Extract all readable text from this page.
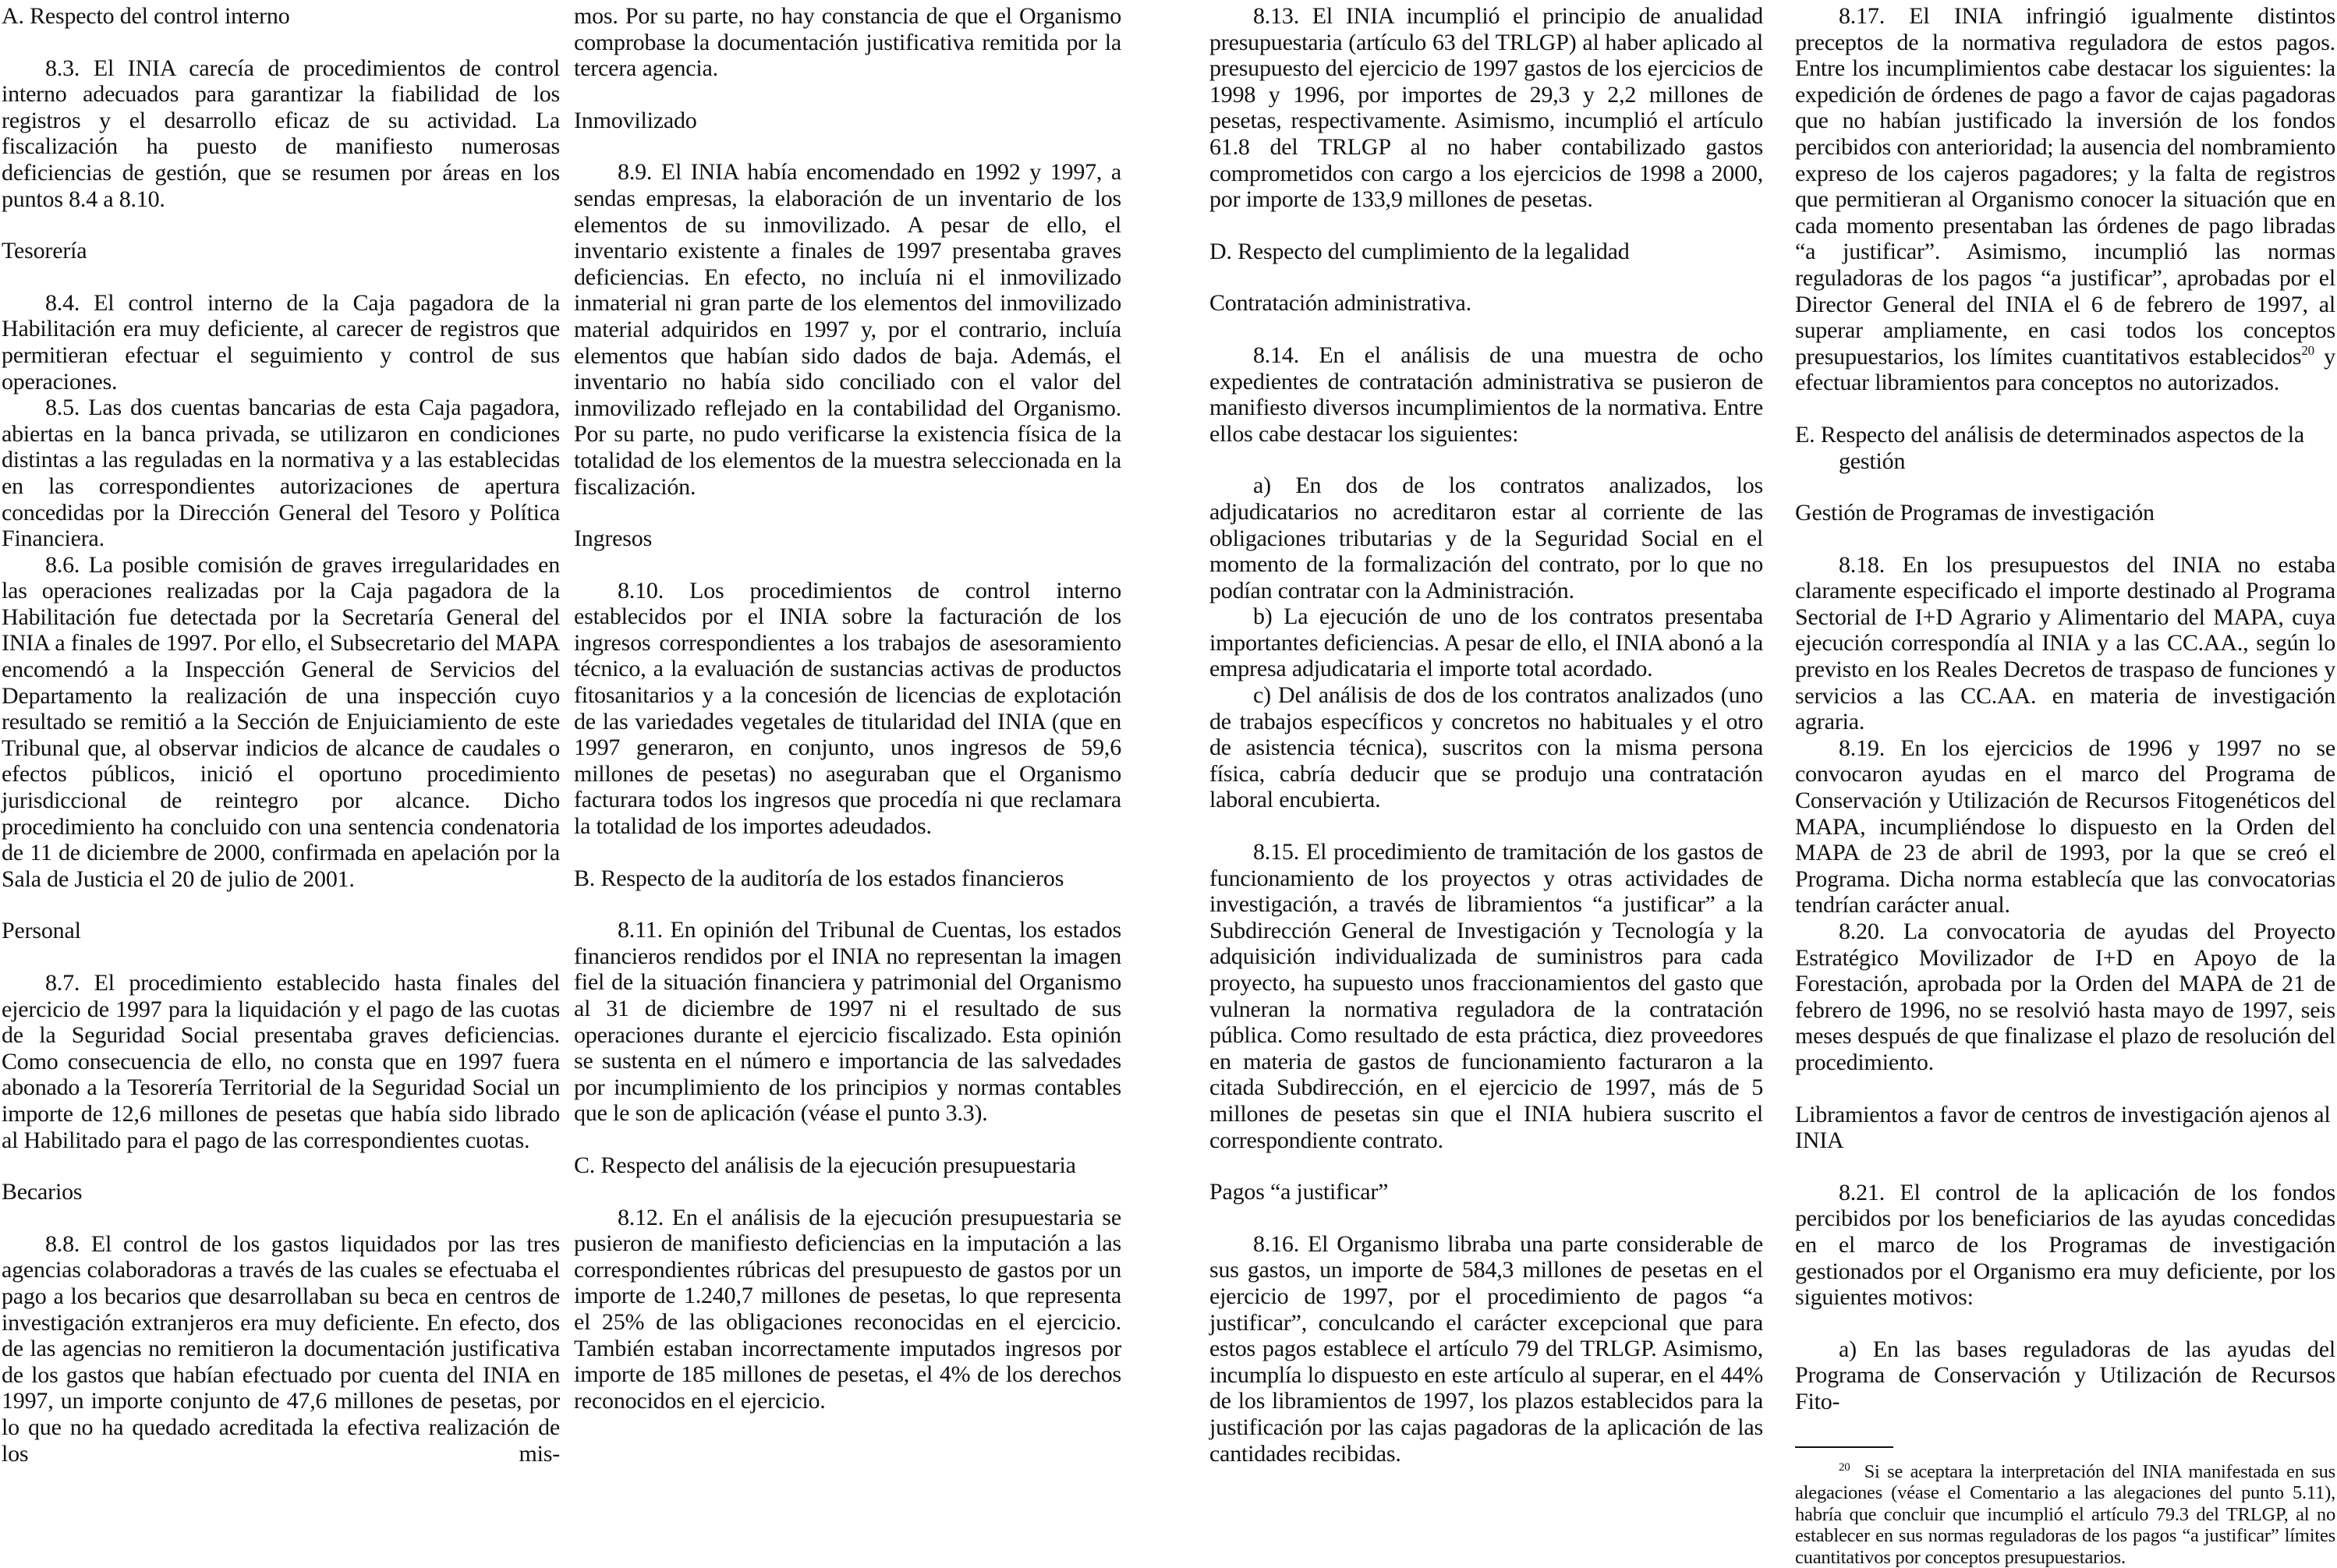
A. Respecto del control interno

8.3. El INIA carecía de procedimientos de control interno adecuados para garantizar la fiabilidad de los registros y el desarrollo eficaz de su actividad. La fiscalización ha puesto de manifiesto numerosas deficiencias de gestión, que se resumen por áreas en los puntos 8.4 a 8.10.

Tesorería

8.4. El control interno de la Caja pagadora de la Habilitación era muy deficiente, al carecer de registros que permitieran efectuar el seguimiento y control de sus operaciones.

8.5. Las dos cuentas bancarias de esta Caja pagadora, abiertas en la banca privada, se utilizaron en condiciones distintas a las reguladas en la normativa y a las establecidas en las correspondientes autorizaciones de apertura concedidas por la Dirección General del Tesoro y Política Financiera.

8.6. La posible comisión de graves irregularidades en las operaciones realizadas por la Caja pagadora de la Habilitación fue detectada por la Secretaría General del INIA a finales de 1997. Por ello, el Subsecretario del MAPA encomendó a la Inspección General de Servicios del Departamento la realización de una inspección cuyo resultado se remitió a la Sección de Enjuiciamiento de este Tribunal que, al observar indicios de alcance de caudales o efectos públicos, inició el oportuno procedimiento jurisdiccional de reintegro por alcance. Dicho procedimiento ha concluido con una sentencia condenatoria de 11 de diciembre de 2000, confirmada en apelación por la Sala de Justicia el 20 de julio de 2001.

Personal

8.7. El procedimiento establecido hasta finales del ejercicio de 1997 para la liquidación y el pago de las cuotas de la Seguridad Social presentaba graves deficiencias. Como consecuencia de ello, no consta que en 1997 fuera abonado a la Tesorería Territorial de la Seguridad Social un importe de 12,6 millones de pesetas que había sido librado al Habilitado para el pago de las correspondientes cuotas.

Becarios

8.8. El control de los gastos liquidados por las tres agencias colaboradoras a través de las cuales se efectuaba el pago a los becarios que desarrollaban su beca en centros de investigación extranjeros era muy deficiente. En efecto, dos de las agencias no remitieron la documentación justificativa de los gastos que habían efectuado por cuenta del INIA en 1997, un importe conjunto de 47,6 millones de pesetas, por lo que no ha quedado acreditada la efectiva realización de los mis-

mos. Por su parte, no hay constancia de que el Organismo comprobase la documentación justificativa remitida por la tercera agencia.

Inmovilizado

8.9. El INIA había encomendado en 1992 y 1997, a sendas empresas, la elaboración de un inventario de los elementos de su inmovilizado. A pesar de ello, el inventario existente a finales de 1997 presentaba graves deficiencias. En efecto, no incluía ni el inmovilizado inmaterial ni gran parte de los elementos del inmovilizado material adquiridos en 1997 y, por el contrario, incluía elementos que habían sido dados de baja. Además, el inventario no había sido conciliado con el valor del inmovilizado reflejado en la contabilidad del Organismo. Por su parte, no pudo verificarse la existencia física de la totalidad de los elementos de la muestra seleccionada en la fiscalización.

Ingresos

8.10. Los procedimientos de control interno establecidos por el INIA sobre la facturación de los ingresos correspondientes a los trabajos de asesoramiento técnico, a la evaluación de sustancias activas de productos fitosanitarios y a la concesión de licencias de explotación de las variedades vegetales de titularidad del INIA (que en 1997 generaron, en conjunto, unos ingresos de 59,6 millones de pesetas) no aseguraban que el Organismo facturara todos los ingresos que procedía ni que reclamara la totalidad de los importes adeudados.

B. Respecto de la auditoría de los estados financieros

8.11. En opinión del Tribunal de Cuentas, los estados financieros rendidos por el INIA no representan la imagen fiel de la situación financiera y patrimonial del Organismo al 31 de diciembre de 1997 ni el resultado de sus operaciones durante el ejercicio fiscalizado. Esta opinión se sustenta en el número e importancia de las salvedades por incumplimiento de los principios y normas contables que le son de aplicación (véase el punto 3.3).

C. Respecto del análisis de la ejecución presupuestaria

8.12. En el análisis de la ejecución presupuestaria se pusieron de manifiesto deficiencias en la imputación a las correspondientes rúbricas del presupuesto de gastos por un importe de 1.240,7 millones de pesetas, lo que representa el 25% de las obligaciones reconocidas en el ejercicio. También estaban incorrectamente imputados ingresos por importe de 185 millones de pesetas, el 4% de los derechos reconocidos en el ejercicio.

8.13. El INIA incumplió el principio de anualidad presupuestaria (artículo 63 del TRLGP) al haber aplicado al presupuesto del ejercicio de 1997 gastos de los ejercicios de 1998 y 1996, por importes de 29,3 y 2,2 millones de pesetas, respectivamente. Asimismo, incumplió el artículo 61.8 del TRLGP al no haber contabilizado gastos comprometidos con cargo a los ejercicios de 1998 a 2000, por importe de 133,9 millones de pesetas.

D. Respecto del cumplimiento de la legalidad

Contratación administrativa.

8.14. En el análisis de una muestra de ocho expedientes de contratación administrativa se pusieron de manifiesto diversos incumplimientos de la normativa. Entre ellos cabe destacar los siguientes:

a) En dos de los contratos analizados, los adjudicatarios no acreditaron estar al corriente de las obligaciones tributarias y de la Seguridad Social en el momento de la formalización del contrato, por lo que no podían contratar con la Administración.

b) La ejecución de uno de los contratos presentaba importantes deficiencias. A pesar de ello, el INIA abonó a la empresa adjudicataria el importe total acordado.

c) Del análisis de dos de los contratos analizados (uno de trabajos específicos y concretos no habituales y el otro de asistencia técnica), suscritos con la misma persona física, cabría deducir que se produjo una contratación laboral encubierta.

8.15. El procedimiento de tramitación de los gastos de funcionamiento de los proyectos y otras actividades de investigación, a través de libramientos “a justificar” a la Subdirección General de Investigación y Tecnología y la adquisición individualizada de suministros para cada proyecto, ha supuesto unos fraccionamientos del gasto que vulneran la normativa reguladora de la contratación pública. Como resultado de esta práctica, diez proveedores en materia de gastos de funcionamiento facturaron a la citada Subdirección, en el ejercicio de 1997, más de 5 millones de pesetas sin que el INIA hubiera suscrito el correspondiente contrato.

Pagos “a justificar”

8.16. El Organismo libraba una parte considerable de sus gastos, un importe de 584,3 millones de pesetas en el ejercicio de 1997, por el procedimiento de pagos “a justificar”, conculcando el carácter excepcional que para estos pagos establece el artículo 79 del TRLGP. Asimismo, incumplía lo dispuesto en este artículo al superar, en el 44% de los libramientos de 1997, los plazos establecidos para la justificación por las cajas pagadoras de la aplicación de las cantidades recibidas.

8.17. El INIA infringió igualmente distintos preceptos de la normativa reguladora de estos pagos. Entre los incumplimientos cabe destacar los siguientes: la expedición de órdenes de pago a favor de cajas pagadoras que no habían justificado la inversión de los fondos percibidos con anterioridad; la ausencia del nombramiento expreso de los cajeros pagadores; y la falta de registros que permitieran al Organismo conocer la situación que en cada momento presentaban las órdenes de pago libradas “a justificar”. Asimismo, incumplió las normas reguladoras de los pagos “a justificar”, aprobadas por el Director General del INIA el 6 de febrero de 1997, al superar ampliamente, en casi todos los conceptos presupuestarios, los límites cuantitativos establecidos$^{20}$ y efectuar libramientos para conceptos no autorizados.

E. Respecto del análisis de determinados aspectos de la gestión

Gestión de Programas de investigación

8.18. En los presupuestos del INIA no estaba claramente especificado el importe destinado al Programa Sectorial de I+D Agrario y Alimentario del MAPA, cuya ejecución correspondía al INIA y a las CC.AA., según lo previsto en los Reales Decretos de traspaso de funciones y servicios a las CC.AA. en materia de investigación agraria.

8.19. En los ejercicios de 1996 y 1997 no se convocaron ayudas en el marco del Programa de Conservación y Utilización de Recursos Fitogenéticos del MAPA, incumpliéndose lo dispuesto en la Orden del MAPA de 23 de abril de 1993, por la que se creó el Programa. Dicha norma establecía que las convocatorias tendrían carácter anual.

8.20. La convocatoria de ayudas del Proyecto Estratégico Movilizador de I+D en Apoyo de la Forestación, aprobada por la Orden del MAPA de 21 de febrero de 1996, no se resolvió hasta mayo de 1997, seis meses después de que finalizase el plazo de resolución del procedimiento.

Libramientos a favor de centros de investigación ajenos al INIA

8.21. El control de la aplicación de los fondos percibidos por los beneficiarios de las ayudas concedidas en el marco de los Programas de investigación gestionados por el Organismo era muy deficiente, por los siguientes motivos:

a) En las bases reguladoras de las ayudas del Programa de Conservación y Utilización de Recursos Fito-

$^{20}$ Si se aceptara la interpretación del INIA manifestada en sus alegaciones (véase el Comentario a las alegaciones del punto 5.11), habría que concluir que incumplió el artículo 79.3 del TRLGP, al no establecer en sus normas reguladoras de los pagos “a justificar” límites cuantitativos por conceptos presupuestarios.
